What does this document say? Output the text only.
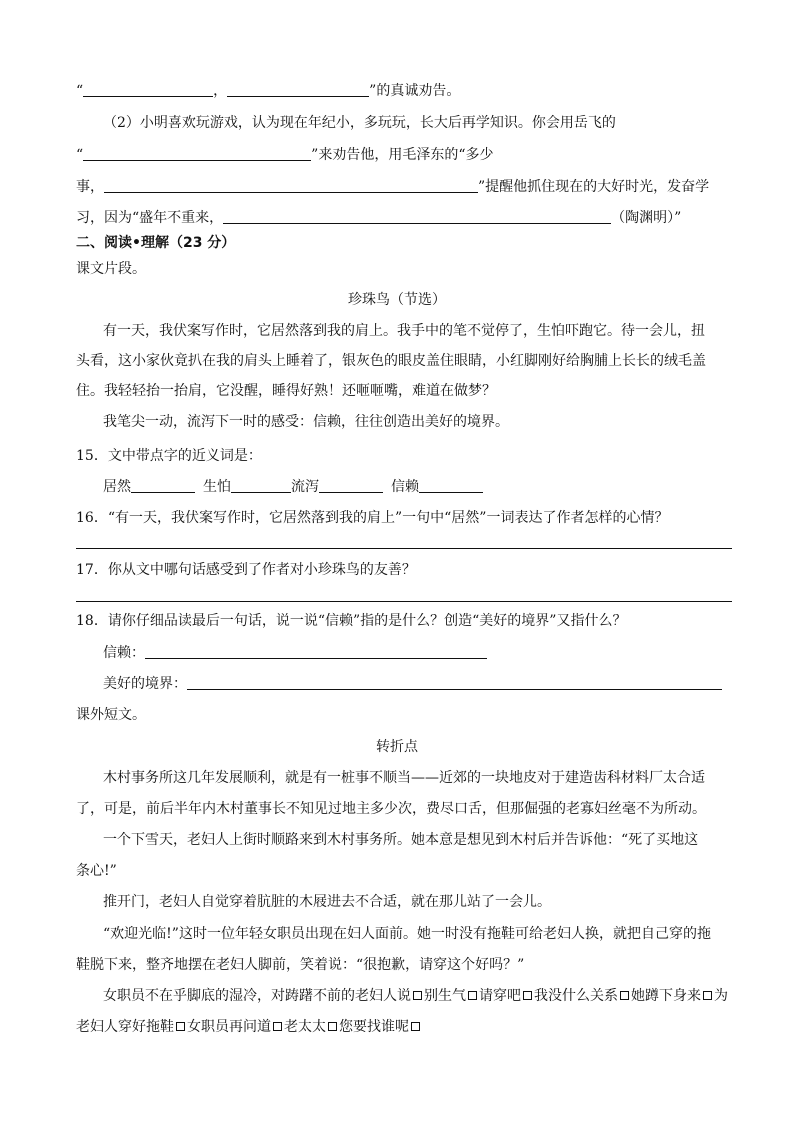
“	，	”的真诚劝告。
（2）小明喜欢玩游戏，认为现在年纪小，多玩玩，长大后再学知识。你会用岳飞的
“	”来劝告他，用毛泽东的“多少
事，	”提醒他抓住现在的大好时光，发奋学
习，因为“盛年不重来，	（陶渊明）”
二、阅读•理解（23 分）
课文片段。
珍珠鸟（节选）
有一天，我伏案写作时，它居然落到我的肩上。我手中的笔不觉停了，生怕吓跑它。待一会儿，扭
头看，这小家伙竟扒在我的肩头上睡着了，银灰色的眼皮盖住眼睛，小红脚刚好给胸脯上长长的绒毛盖
住。我轻轻抬一抬肩，它没醒，睡得好熟！还咂咂嘴，难道在做梦？
我笔尖一动，流泻下一时的感受：信赖，往往创造出美好的境界。
15．文中带点字的近义词是：
居然	生怕	流泻	信赖
16．“有一天，我伏案写作时，它居然落到我的肩上”一句中“居然”一词表达了作者怎样的心情？
17．你从文中哪句话感受到了作者对小珍珠鸟的友善？
18．请你仔细品读最后一句话，说一说“信赖”指的是什么？创造“美好的境界”又指什么？
信赖：
美好的境界：
课外短文。
转折点
木村事务所这几年发展顺利，就是有一桩事不顺当——近郊的一块地皮对于建造齿科材料厂太合适
了，可是，前后半年内木村董事长不知见过地主多少次，费尽口舌，但那倔强的老寡妇丝毫不为所动。
一个下雪天，老妇人上街时顺路来到木村事务所。她本意是想见到木村后并告诉他：“死了买地这
条心!”
推开门，老妇人自觉穿着肮脏的木屐进去不合适，就在那儿站了一会儿。
“欢迎光临!”这时一位年轻女职员出现在妇人面前。她一时没有拖鞋可给老妇人换，就把自己穿的拖
鞋脱下来，整齐地摆在老妇人脚前，笑着说：“很抱歉，请穿这个好吗？”
女职员不在乎脚底的湿冷，对踌躇不前的老妇人说 别生气 请穿吧 我没什么关系 她蹲下身来 为
老妇人穿好拖鞋 女职员再问道 老太太 您要找谁呢
